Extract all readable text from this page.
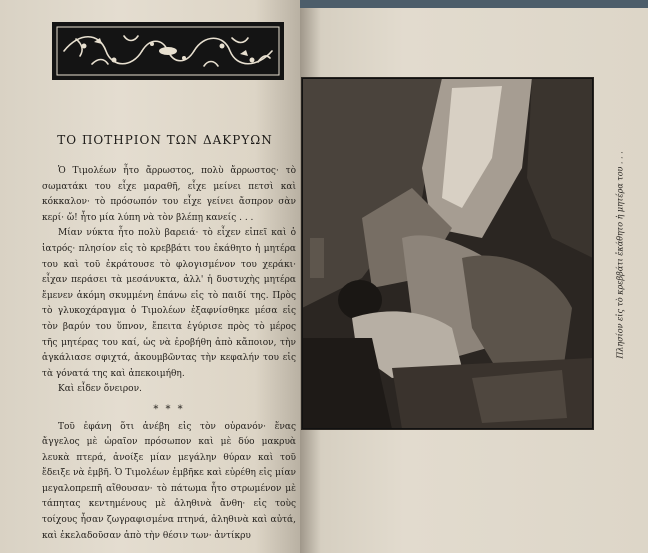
ΤΟ ΠΟΤΗΡΙΟΝ ΤΩΝ ΔΑΚΡΥΩΝ

Ὁ Τιμολέων ἦτο ἄρρωστος, πολὺ ἄρρωστος· τὸ σωματάκι του εἶχε μαραθῆ, εἶχε μείνει πετσὶ καὶ κόκκαλον· τὸ πρόσωπόν του εἶχε γείνει ἄσπρον σὰν κερί· ὤ! ἦτο μία λύπη νὰ τὸν βλέπῃ κανείς . . .

Μίαν νύκτα ἦτο πολὺ βαρειά· τὸ εἶχεν εἰπεῖ καὶ ὁ ἰατρός· πλησίον εἰς τὸ κρεββάτι του ἐκάθητο ἡ μητέρα του καὶ τοῦ ἐκράτουσε τὸ φλογισμένον του χεράκι· εἶχαν περάσει τὰ μεσάνυκτα, ἀλλ' ἡ δυστυχὴς μητέρα ἔμενεν ἀκόμη σκυμμένη ἐπάνω εἰς τὸ παιδί της. Πρὸς τὸ γλυκοχάραγμα ὁ Τιμολέων ἐξαφνίσθηκε μέσα εἰς τὸν βαρύν του ὕπνον, ἔπειτα ἐγύρισε πρὸς τὸ μέρος τῆς μητέρας του καί, ὡς νὰ ἐροβήθη ἀπὸ κἄποιον, τὴν ἀγκάλιασε σφιχτά, ἀκουμβῶντας τὴν κεφαλήν του εἰς τὰ γόνατά της καὶ ἀπεκοιμήθη.

Καὶ εἶδεν ὄνειρον.

* * *

Τοῦ ἐφάνη ὅτι ἀνέβη εἰς τὸν οὐρανόν· ἕνας ἄγγελος μὲ ὡραῖον πρόσωπον καὶ μὲ δύο μακρυὰ λευκὰ πτερά, ἀνοίξε μίαν μεγάλην θύραν καὶ τοῦ ἔδειξε νὰ ἐμβῆ. Ὁ Τιμολέων ἐμβῆκε καὶ εὑρέθη εἰς μίαν μεγαλοπρεπῆ αἴθουσαν· τὸ πάτωμα ἦτο στρωμένον μὲ τάπητας κεντημένους μὲ ἀληθινὰ ἄνθη· εἰς τοὺς τοίχους ἦσαν ζωγραφισμένα πτηνά, ἀληθινὰ καὶ αὐτά, καὶ ἐκελαδοῦσαν ἀπὸ τὴν θέσιν των· ἀντίκρυ

Πλησίον εἰς τὸ κρεββάτι ἐκάθητο ἡ μητέρα του . . .
